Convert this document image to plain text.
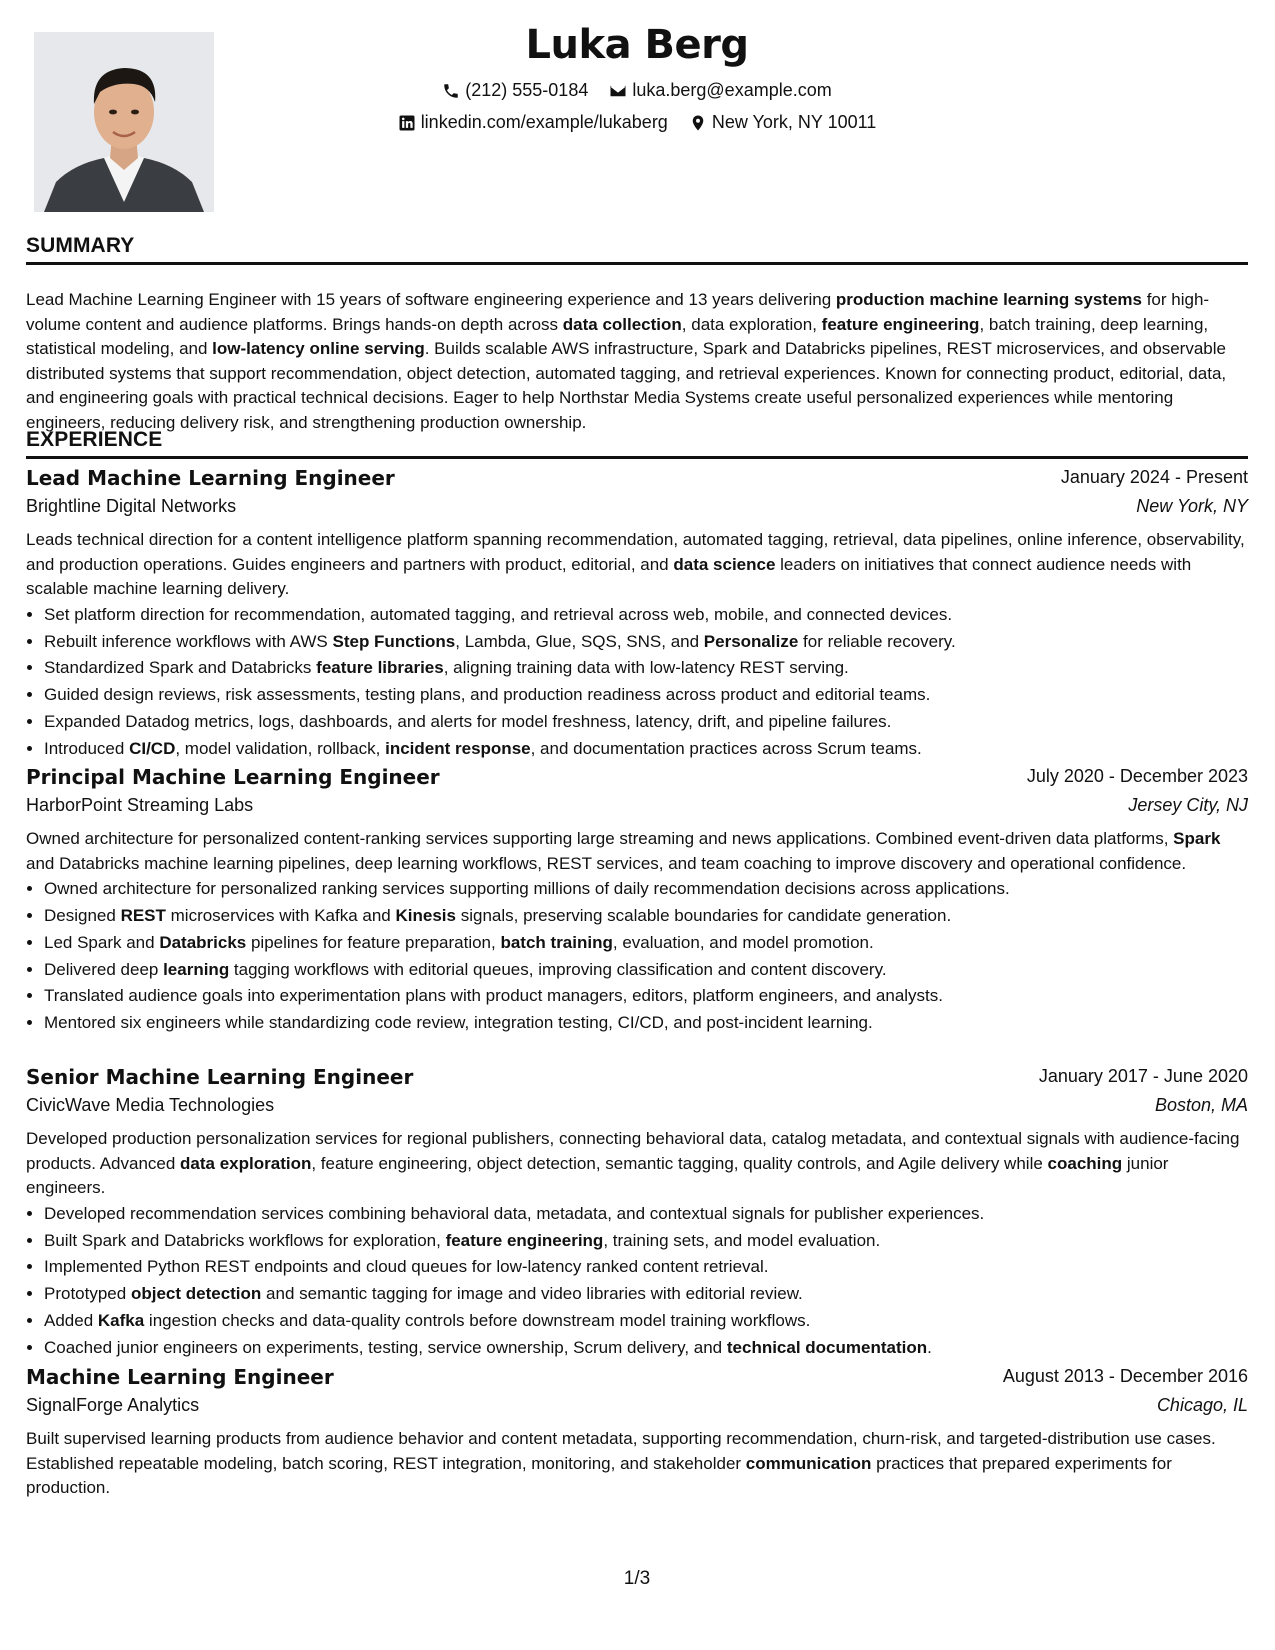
Luka Berg
(212) 555-0184
luka.berg@example.com
linkedin.com/example/lukaberg
New York, NY 10011
SUMMARY
Lead Machine Learning Engineer with 15 years of software engineering experience and 13 years delivering production machine learning systems for high-volume content and audience platforms. Brings hands-on depth across data collection, data exploration, feature engineering, batch training, deep learning, statistical modeling, and low-latency online serving. Builds scalable AWS infrastructure, Spark and Databricks pipelines, REST microservices, and observable distributed systems that support recommendation, object detection, automated tagging, and retrieval experiences. Known for connecting product, editorial, data, and engineering goals with practical technical decisions. Eager to help Northstar Media Systems create useful personalized experiences while mentoring engineers, reducing delivery risk, and strengthening production ownership.
EXPERIENCE
Lead Machine Learning Engineer	January 2024 - Present
Brightline Digital Networks	New York, NY

Leads technical direction for a content intelligence platform spanning recommendation, automated tagging, retrieval, data pipelines, online inference, observability, and production operations. Guides engineers and partners with product, editorial, and data science leaders on initiatives that connect audience needs with scalable machine learning delivery.

• Set platform direction for recommendation, automated tagging, and retrieval across web, mobile, and connected devices.
• Rebuilt inference workflows with AWS Step Functions, Lambda, Glue, SQS, SNS, and Personalize for reliable recovery.
• Standardized Spark and Databricks feature libraries, aligning training data with low-latency REST serving.
• Guided design reviews, risk assessments, testing plans, and production readiness across product and editorial teams.
• Expanded Datadog metrics, logs, dashboards, and alerts for model freshness, latency, drift, and pipeline failures.
• Introduced CI/CD, model validation, rollback, incident response, and documentation practices across Scrum teams.
Principal Machine Learning Engineer	July 2020 - December 2023
HarborPoint Streaming Labs	Jersey City, NJ

Owned architecture for personalized content-ranking services supporting large streaming and news applications. Combined event-driven data platforms, Spark and Databricks machine learning pipelines, deep learning workflows, REST services, and team coaching to improve discovery and operational confidence.

• Owned architecture for personalized ranking services supporting millions of daily recommendation decisions across applications.
• Designed REST microservices with Kafka and Kinesis signals, preserving scalable boundaries for candidate generation.
• Led Spark and Databricks pipelines for feature preparation, batch training, evaluation, and model promotion.
• Delivered deep learning tagging workflows with editorial queues, improving classification and content discovery.
• Translated audience goals into experimentation plans with product managers, editors, platform engineers, and analysts.
• Mentored six engineers while standardizing code review, integration testing, CI/CD, and post-incident learning.
Senior Machine Learning Engineer	January 2017 - June 2020
CivicWave Media Technologies	Boston, MA

Developed production personalization services for regional publishers, connecting behavioral data, catalog metadata, and contextual signals with audience-facing products. Advanced data exploration, feature engineering, object detection, semantic tagging, quality controls, and Agile delivery while coaching junior engineers.

• Developed recommendation services combining behavioral data, metadata, and contextual signals for publisher experiences.
• Built Spark and Databricks workflows for exploration, feature engineering, training sets, and model evaluation.
• Implemented Python REST endpoints and cloud queues for low-latency ranked content retrieval.
• Prototyped object detection and semantic tagging for image and video libraries with editorial review.
• Added Kafka ingestion checks and data-quality controls before downstream model training workflows.
• Coached junior engineers on experiments, testing, service ownership, Scrum delivery, and technical documentation.
Machine Learning Engineer	August 2013 - December 2016
SignalForge Analytics	Chicago, IL

Built supervised learning products from audience behavior and content metadata, supporting recommendation, churn-risk, and targeted-distribution use cases. Established repeatable modeling, batch scoring, REST integration, monitoring, and stakeholder communication practices that prepared experiments for production.

1/3
